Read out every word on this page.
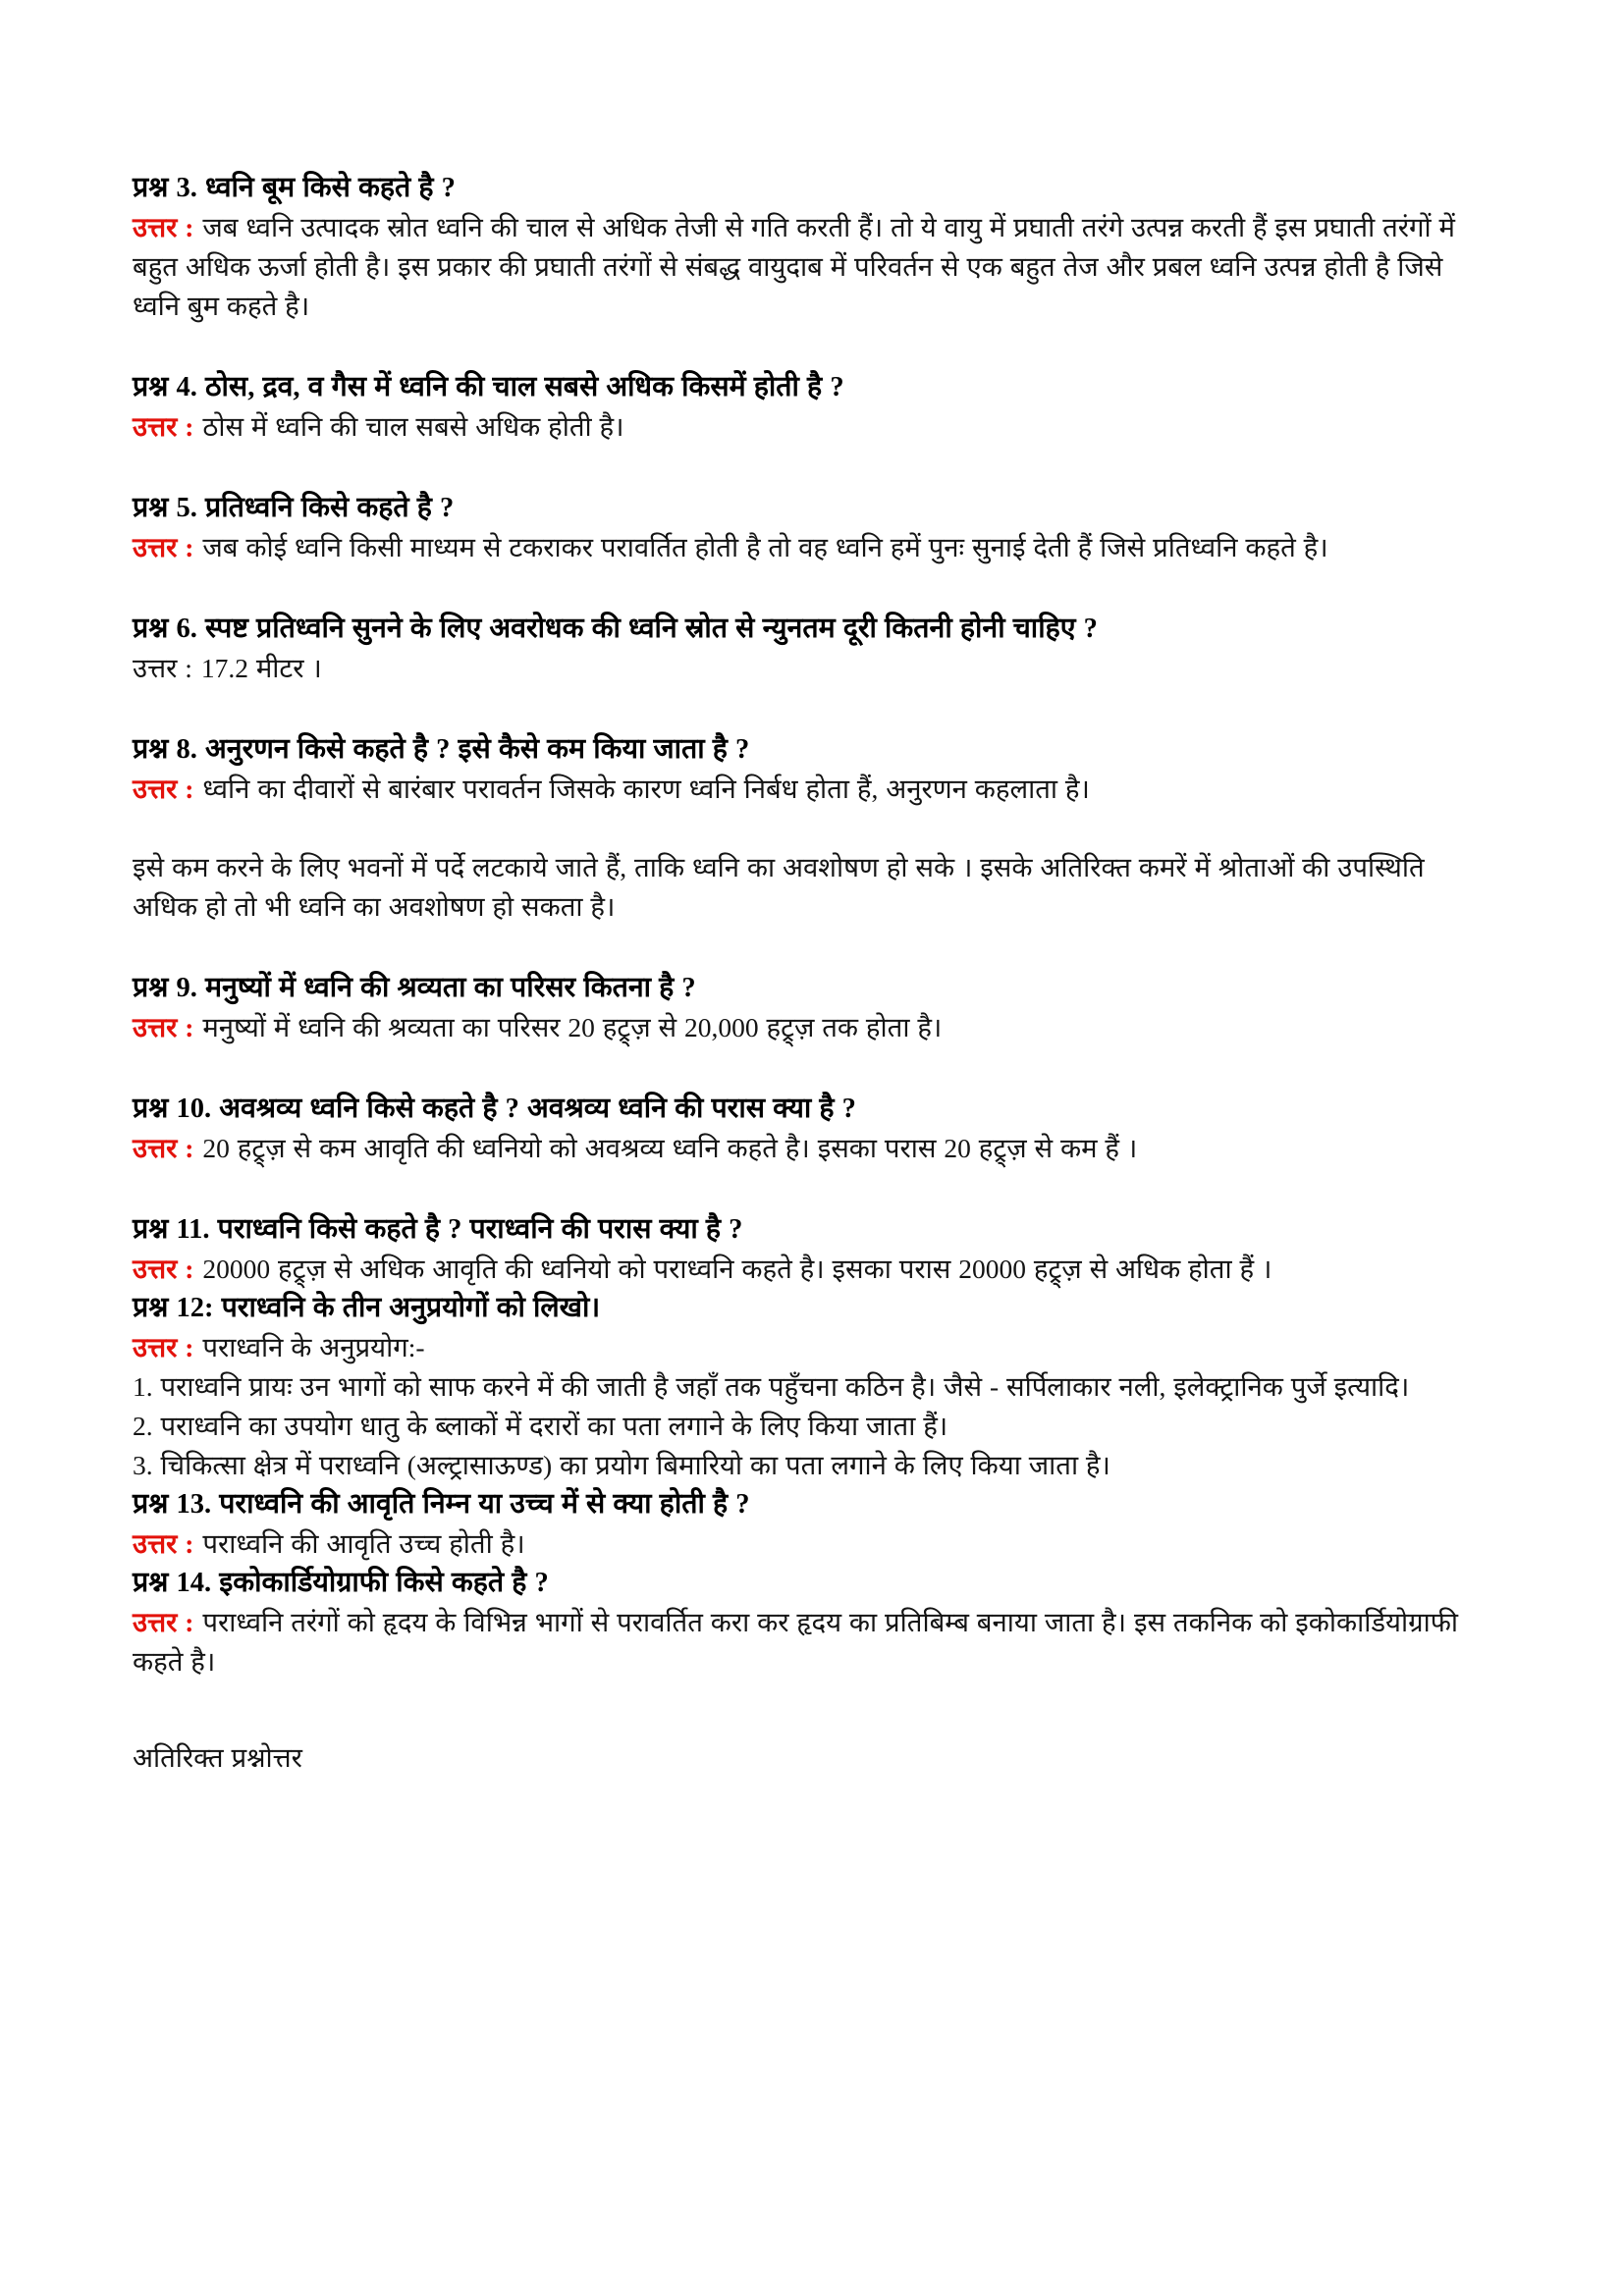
प्रश्न 3. ध्वनि बूम किसे कहते है ?

उत्तर : जब ध्वनि उत्पादक स्रोत ध्वनि की चाल से अधिक तेजी से गति करती हैं। तो ये वायु में प्रघाती तरंगे उत्पन्न करती हैं इस प्रघाती तरंगों में बहुत अधिक ऊर्जा होती है। इस प्रकार की प्रघाती तरंगों से संबद्ध वायुदाब में परिवर्तन से एक बहुत तेज और प्रबल ध्वनि उत्पन्न होती है जिसे ध्वनि बुम कहते है।

प्रश्न 4. ठोस, द्रव, व गैस में ध्वनि की चाल सबसे अधिक किसमें होती है ?

उत्तर : ठोस में ध्वनि की चाल सबसे अधिक होती है।

प्रश्न 5. प्रतिध्वनि किसे कहते है ?

उत्तर : जब कोई ध्वनि किसी माध्यम से टकराकर परावर्तित होती है तो वह ध्वनि हमें पुनः सुनाई देती हैं जिसे प्रतिध्वनि कहते है।

प्रश्न 6. स्पष्ट प्रतिध्वनि सुनने के लिए अवरोधक की ध्वनि स्रोत से न्युनतम दूरी कितनी होनी चाहिए ?

उत्तर : 17.2 मीटर ।

प्रश्न 8. अनुरणन किसे कहते है ? इसे कैसे कम किया जाता है ?

उत्तर : ध्वनि का दीवारों से बारंबार परावर्तन जिसके कारण ध्वनि निर्बध होता हैं, अनुरणन कहलाता है।

इसे कम करने के लिए भवनों में पर्दे लटकाये जाते हैं, ताकि ध्वनि का अवशोषण हो सके । इसके अतिरिक्त कमरें में श्रोताओं की उपस्थिति अधिक हो तो भी ध्वनि का अवशोषण हो सकता है।

प्रश्न 9. मनुष्यों में ध्वनि की श्रव्यता का परिसर कितना है ?

उत्तर : मनुष्यों में ध्वनि की श्रव्यता का परिसर 20 हट्र्ज़ से 20,000 हट्र्ज़ तक होता है।

प्रश्न 10. अवश्रव्य ध्वनि किसे कहते है ? अवश्रव्य ध्वनि की परास क्या है ?

उत्तर : 20 हट्र्ज़ से कम आवृति की ध्वनियो को अवश्रव्य ध्वनि कहते है। इसका परास 20 हट्र्ज़ से कम हैं ।

प्रश्न 11. पराध्वनि किसे कहते है ? पराध्वनि की परास क्या है ?

उत्तर : 20000 हट्र्ज़ से अधिक आवृति की ध्वनियो को पराध्वनि कहते है। इसका परास 20000 हट्र्ज़ से अधिक होता हैं ।

प्रश्न 12: पराध्वनि के तीन अनुप्रयोगों को लिखो।

उत्तर : पराध्वनि के अनुप्रयोग:-

1. पराध्वनि प्रायः उन भागों को साफ करने में की जाती है जहाँ तक पहुँचना कठिन है। जैसे - सर्पिलाकार नली, इलेक्ट्रानिक पुर्जे इत्यादि।

2. पराध्वनि का उपयोग धातु के ब्लाकों में दरारों का पता लगाने के लिए किया जाता हैं।

3. चिकित्सा क्षेत्र में पराध्वनि (अल्ट्रासाऊण्ड) का प्रयोग बिमारियो का पता लगाने के लिए किया जाता है।

प्रश्न 13. पराध्वनि की आवृति निम्न या उच्च में से क्या होती है ?

उत्तर : पराध्वनि की आवृति उच्च होती है।

प्रश्न 14. इकोकार्डियोग्राफी किसे कहते है ?

उत्तर : पराध्वनि तरंगों को हृदय के विभिन्न भागों से परावर्तित करा कर हृदय का प्रतिबिम्ब बनाया जाता है। इस तकनिक को इकोकार्डियोग्राफी कहते है।

अतिरिक्त प्रश्नोत्तर
